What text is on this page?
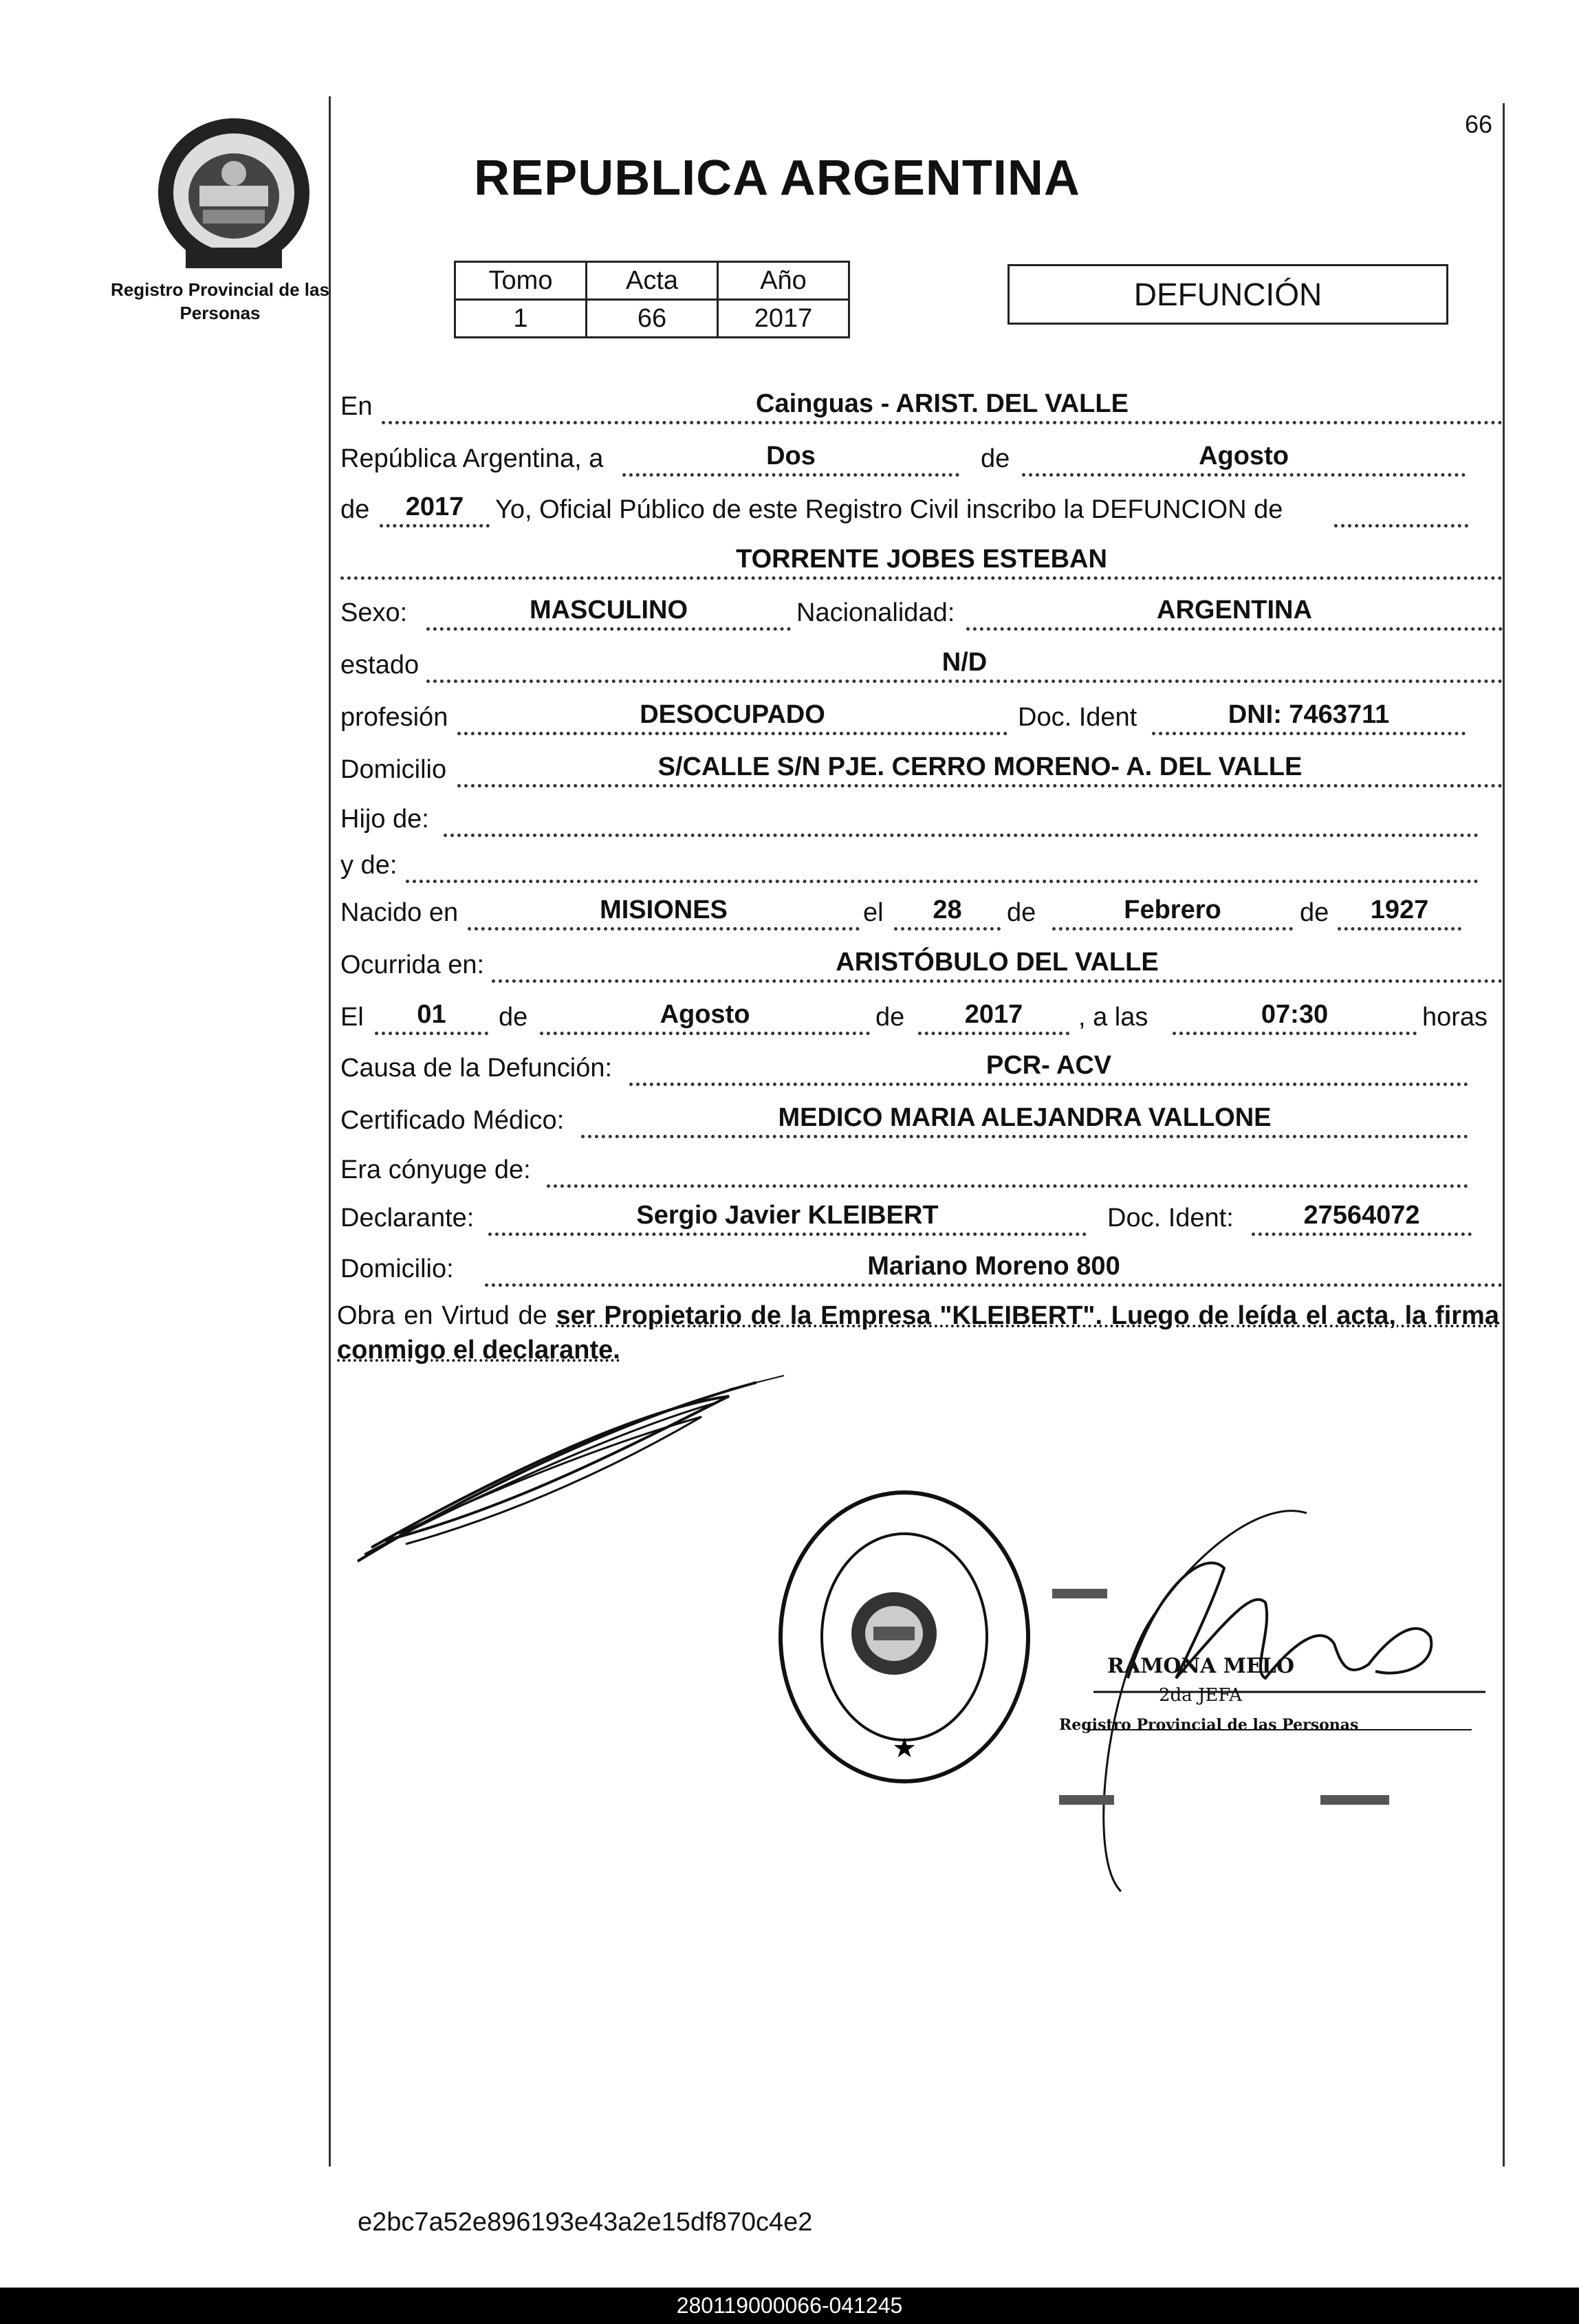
Registro Provincial de las Personas
66
REPUBLICA ARGENTINA
Tomo	Acta	Año
1	66	2017
DEFUNCIÓN
En	Cainguas - ARIST. DEL VALLE
República Argentina, a	Dos	de	Agosto
de	2017	Yo, Oficial Público de este Registro Civil inscribo la DEFUNCION de
TORRENTE JOBES ESTEBAN
Sexo:	MASCULINO	Nacionalidad:	ARGENTINA
estado	N/D
profesión	DESOCUPADO	Doc. Ident	DNI: 7463711
Domicilio	S/CALLE S/N PJE. CERRO MORENO- A. DEL VALLE
Hijo de:
y de:
Nacido en	MISIONES	el	28	de	Febrero	de	1927
Ocurrida en:	ARISTÓBULO DEL VALLE
El	01	de	Agosto	de	2017	, a las	07:30	horas
Causa de la Defunción:	PCR- ACV
Certificado Médico:	MEDICO MARIA ALEJANDRA VALLONE
Era cónyuge de:
Declarante:	Sergio Javier KLEIBERT	Doc. Ident:	27564072
Domicilio:	Mariano Moreno 800
Obra en Virtud de ser Propietario de la Empresa "KLEIBERT". Luego de leída el acta, la firma conmigo el declarante.
★
RAMONA MELO
2da JEFA
Registro Provincial de las Personas
e2bc7a52e896193e43a2e15df870c4e2
280119000066-041245
